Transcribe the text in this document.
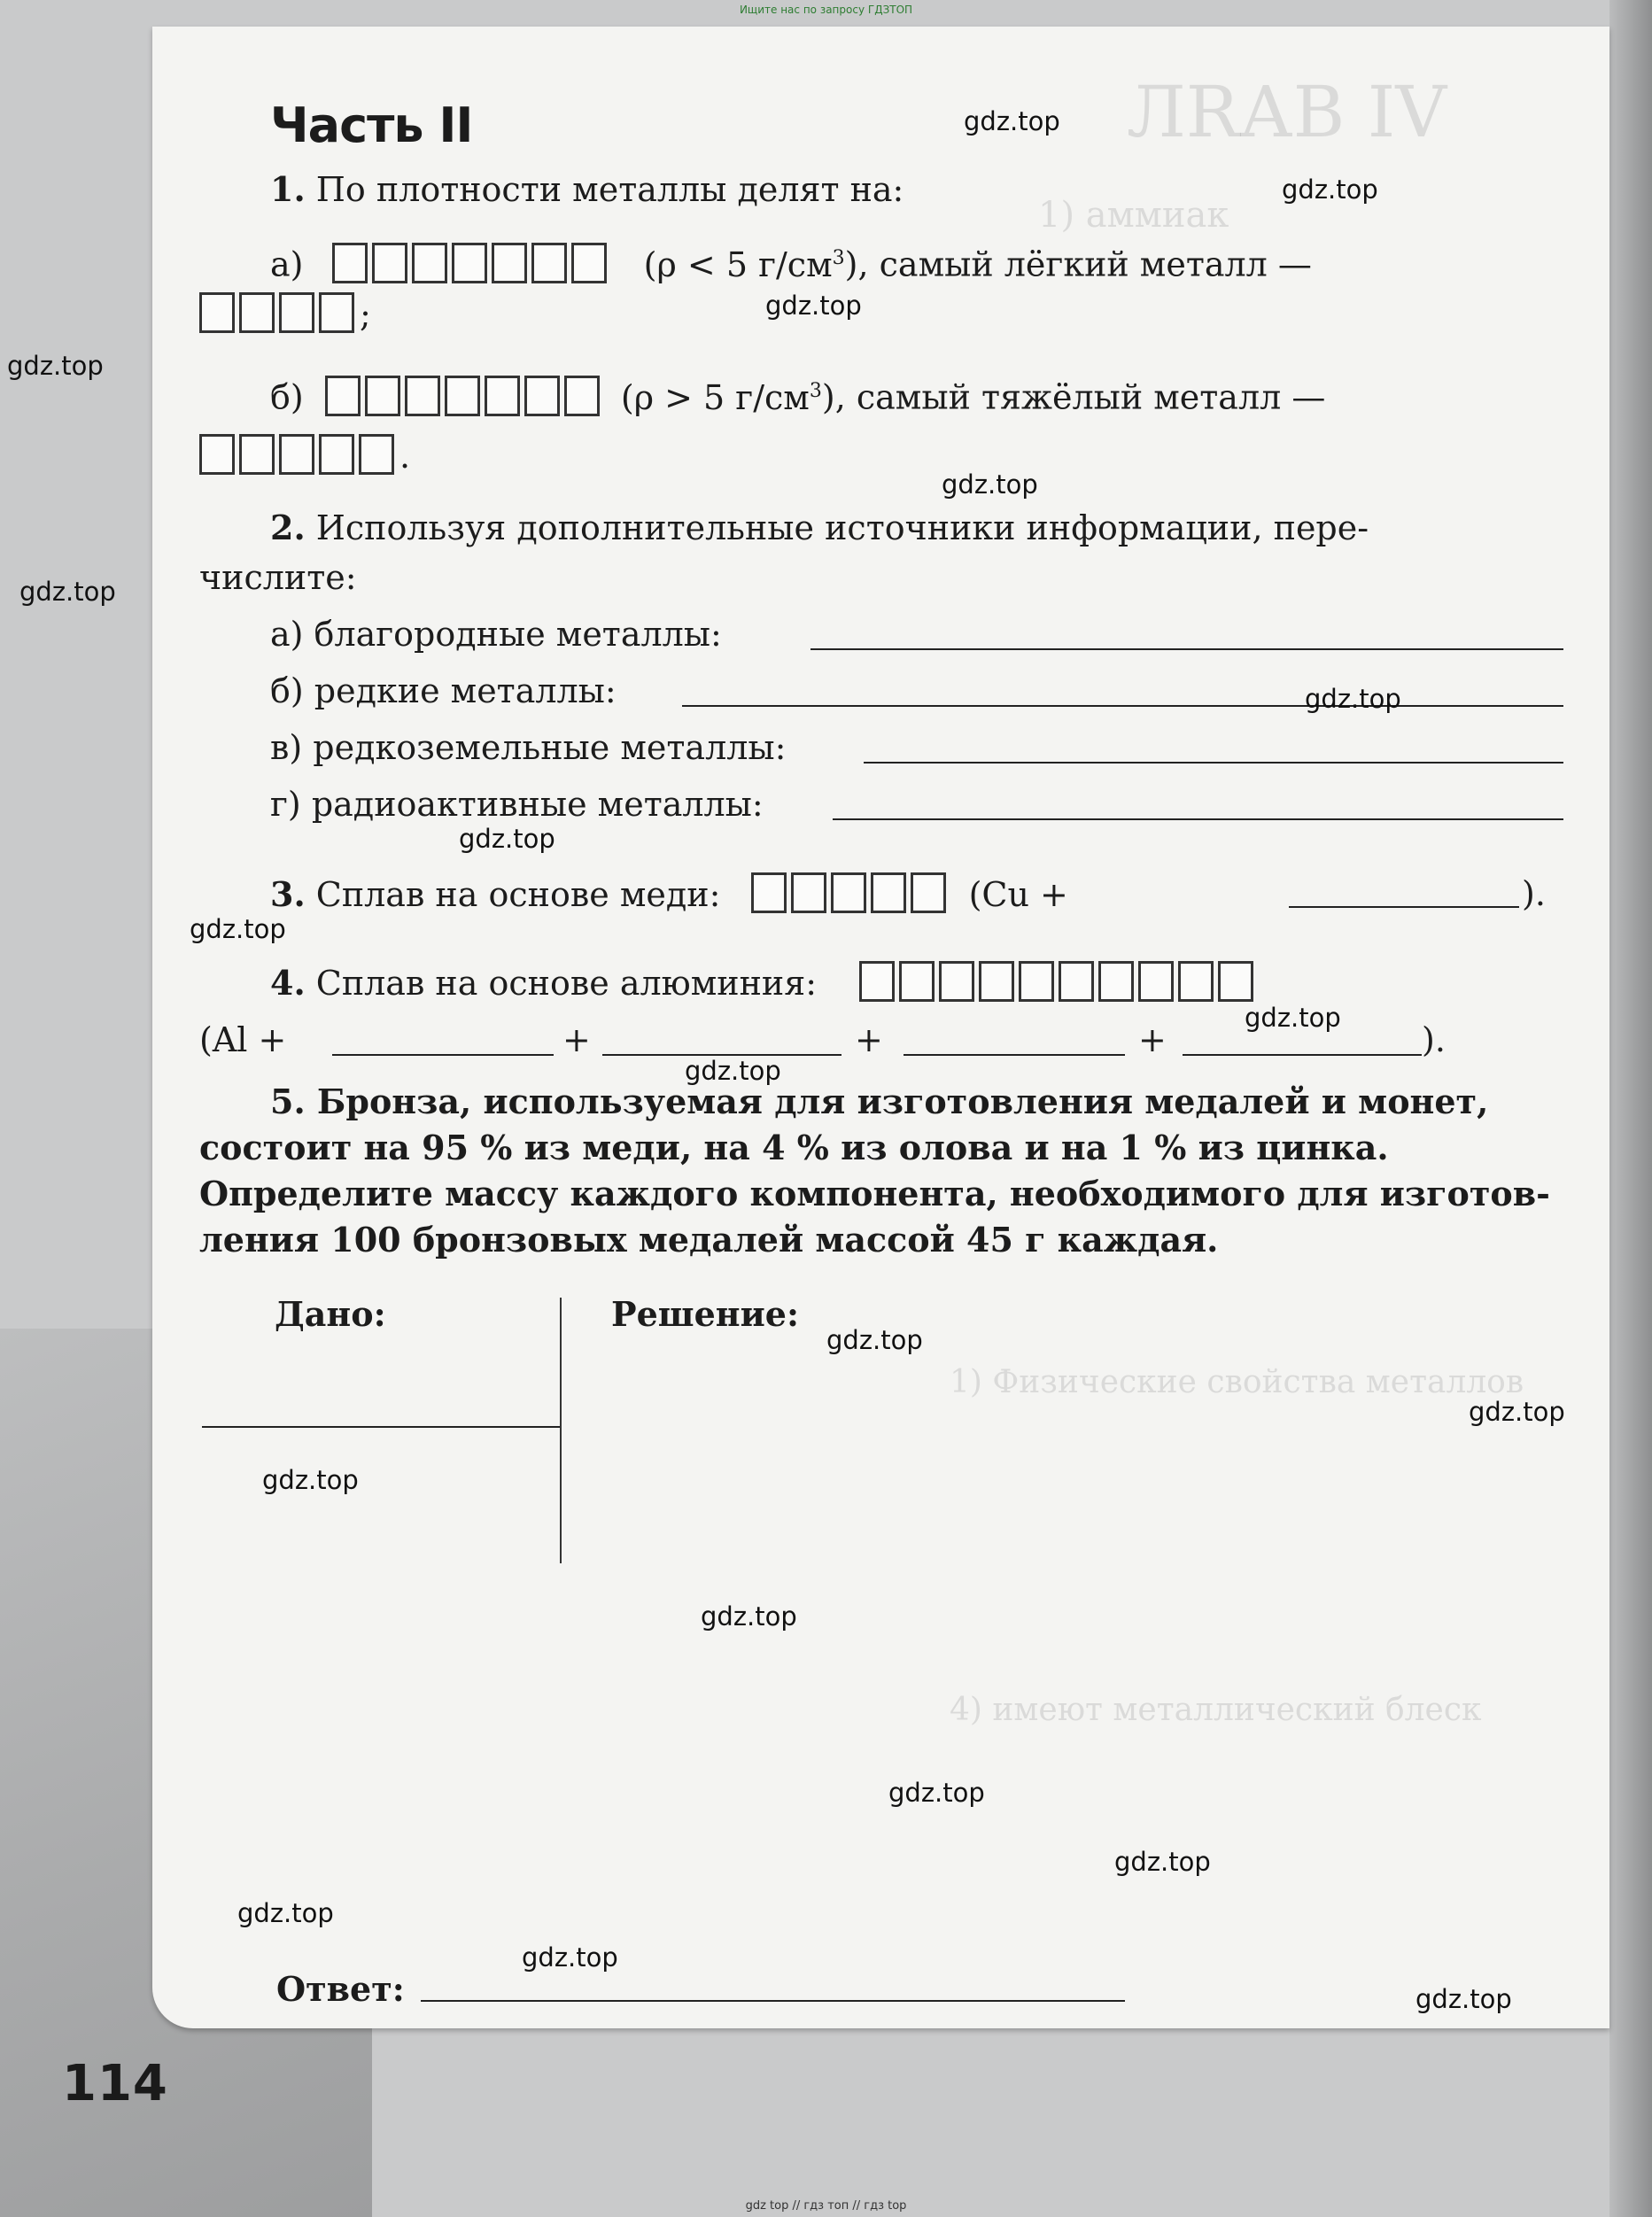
ЛRАВ IV
1) аммиак
1) Физические свойства металлов
4) имеют металлический блеск
Ищите нас по запросу ГДЗТОП
Часть II
1. По плотности металлы делят на:
а)	(ρ < 5 $г/см^3$), самый лёгкий металл —
;
б)	(ρ > 5 $г/см^3$), самый тяжёлый металл —
.
2. Используя дополнительные источники информации, пере-
числите:
а) благородные металлы:
б) редкие металлы:
в) редкоземельные металлы:
г) радиоактивные металлы:
3. Сплав на основе меди:	(Cu +	).
4. Сплав на основе алюминия:
(Al +	+	+	+	).
5. Бронза, используемая для изготовления медалей и монет,
состоит на 95 % из меди, на 4 % из олова и на 1 % из цинка.
Определите массу каждого компонента, необходимого для изготов-
ления 100 бронзовых медалей массой 45 г каждая.
Дано:	Решение:
Ответ:
114
gdz top // гдз топ // гдз top
gdz.top
gdz.top
gdz.top
gdz.top
gdz.top
gdz.top
gdz.top
gdz.top
gdz.top
gdz.top
gdz.top
gdz.top
gdz.top
gdz.top
gdz.top
gdz.top
gdz.top
gdz.top
gdz.top
gdz.top
